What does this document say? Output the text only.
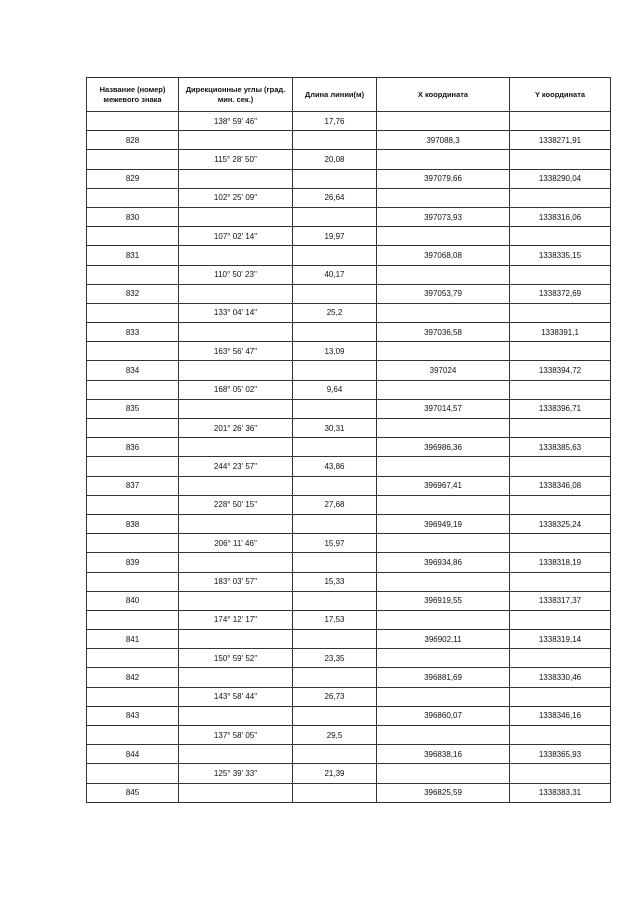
Название (номер) межевого знака	Дирекционные углы (град. мин. сек.)	Длина линии(м)	X координата	Y координата
	138° 59' 46"	17,76		
828			397088,3	1338271,91
	115° 28' 50"	20,08		
829			397079,66	1338290,04
	102° 25' 09"	26,64		
830			397073,93	1338316,06
	107° 02' 14"	19,97		
831			397068,08	1338335,15
	110° 50' 23"	40,17		
832			397053,79	1338372,69
	133° 04' 14"	25,2		
833			397036,58	1338391,1
	163° 56' 47"	13,09		
834			397024	1338394,72
	168° 05' 02"	9,64		
835			397014,57	1338396,71
	201° 26' 36"	30,31		
836			396986,36	1338385,63
	244° 23' 57"	43,86		
837			396967,41	1338346,08
	228° 50' 15"	27,68		
838			396949,19	1338325,24
	206° 11' 46"	15,97		
839			396934,86	1338318,19
	183° 03' 57"	15,33		
840			396919,55	1338317,37
	174° 12' 17"	17,53		
841			396902,11	1338319,14
	150° 59' 52"	23,35		
842			396881,69	1338330,46
	143° 58' 44"	26,73		
843			396860,07	1338346,16
	137° 58' 05"	29,5		
844			396838,16	1338365,93
	125° 39' 33"	21,39		
845			396825,59	1338383,31
